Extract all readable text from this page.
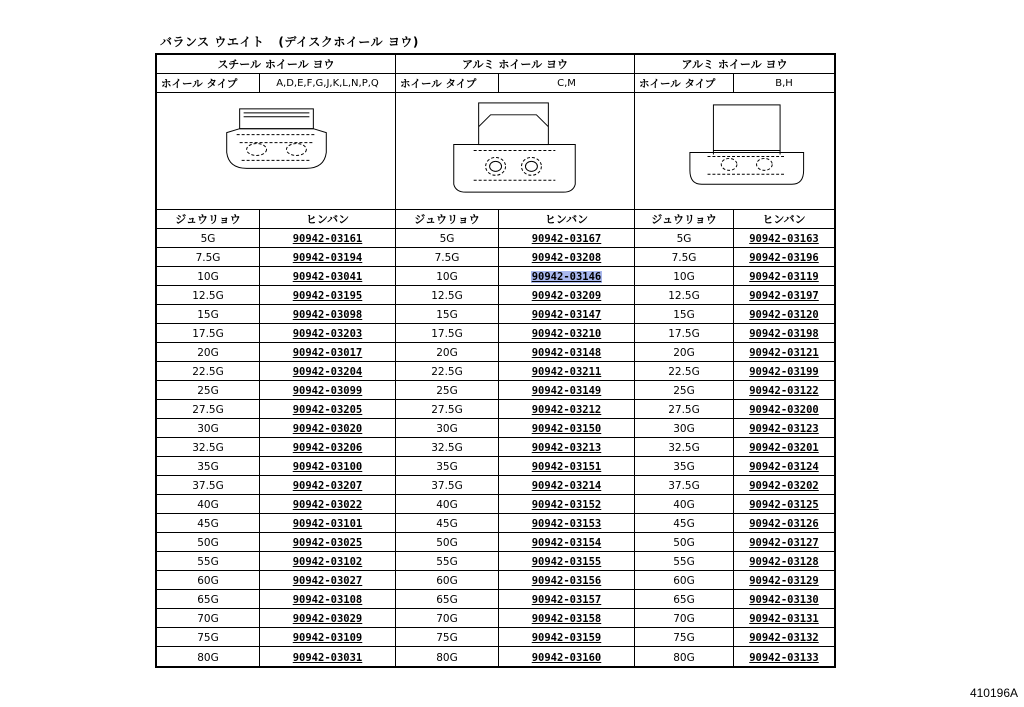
バランス ウエイト   (デイスクホイール ヨウ)
スチール ホイール ヨウ	アルミ ホイール ヨウ	アルミ ホイール ヨウ
ホイール タイプ	A,D,E,F,G,J,K,L,N,P,Q	ホイール タイプ	C,M	ホイール タイプ	B,H
ジュウリョウ	ヒンバン	ジュウリョウ	ヒンバン	ジュウリョウ	ヒンバン
5G	90942-03161	5G	90942-03167	5G	90942-03163
7.5G	90942-03194	7.5G	90942-03208	7.5G	90942-03196
10G	90942-03041	10G	90942-03146	10G	90942-03119
12.5G	90942-03195	12.5G	90942-03209	12.5G	90942-03197
15G	90942-03098	15G	90942-03147	15G	90942-03120
17.5G	90942-03203	17.5G	90942-03210	17.5G	90942-03198
20G	90942-03017	20G	90942-03148	20G	90942-03121
22.5G	90942-03204	22.5G	90942-03211	22.5G	90942-03199
25G	90942-03099	25G	90942-03149	25G	90942-03122
27.5G	90942-03205	27.5G	90942-03212	27.5G	90942-03200
30G	90942-03020	30G	90942-03150	30G	90942-03123
32.5G	90942-03206	32.5G	90942-03213	32.5G	90942-03201
35G	90942-03100	35G	90942-03151	35G	90942-03124
37.5G	90942-03207	37.5G	90942-03214	37.5G	90942-03202
40G	90942-03022	40G	90942-03152	40G	90942-03125
45G	90942-03101	45G	90942-03153	45G	90942-03126
50G	90942-03025	50G	90942-03154	50G	90942-03127
55G	90942-03102	55G	90942-03155	55G	90942-03128
60G	90942-03027	60G	90942-03156	60G	90942-03129
65G	90942-03108	65G	90942-03157	65G	90942-03130
70G	90942-03029	70G	90942-03158	70G	90942-03131
75G	90942-03109	75G	90942-03159	75G	90942-03132
80G	90942-03031	80G	90942-03160	80G	90942-03133
410196A
